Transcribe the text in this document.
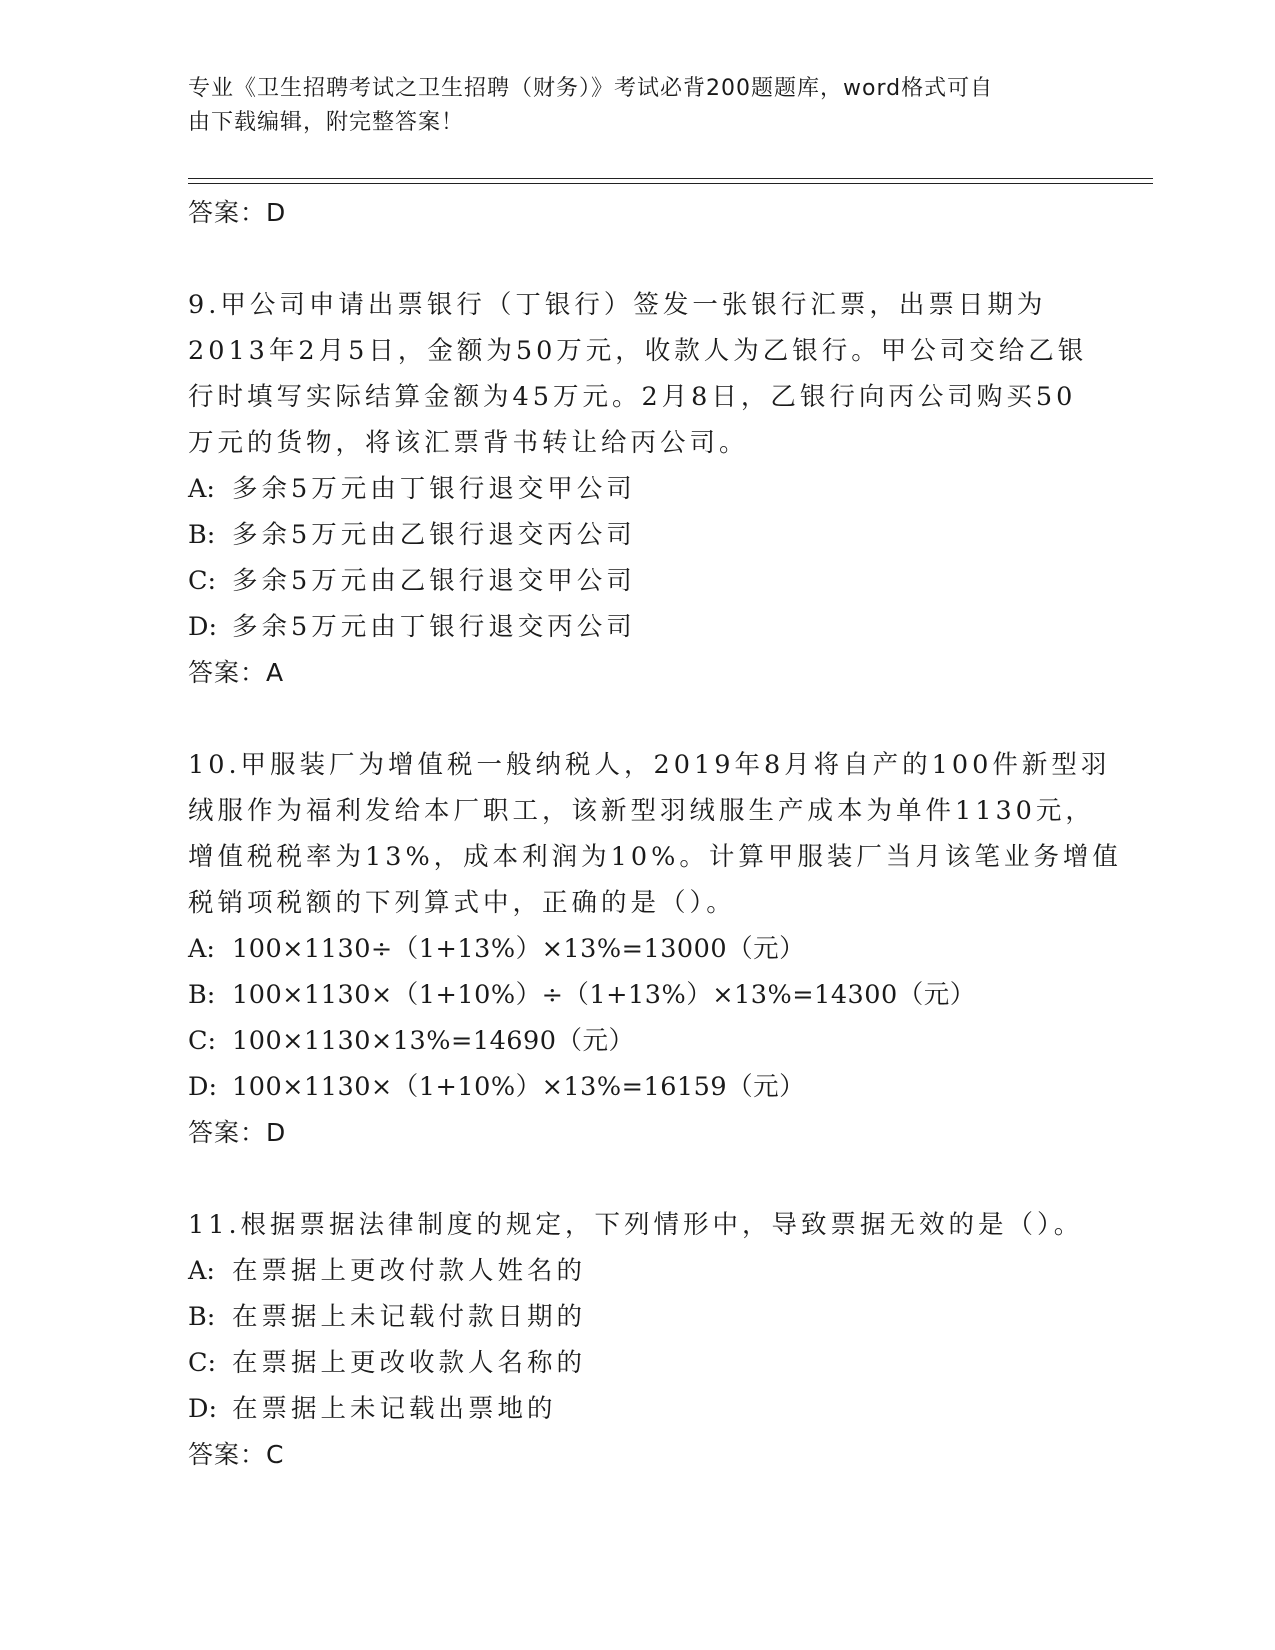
专业《卫生招聘考试之卫生招聘（财务）》考试必背200题题库，word格式可自
由下载编辑，附完整答案！
答案：D
9.甲公司申请出票银行（丁银行）签发一张银行汇票，出票日期为
2013年2月5日，金额为50万元，收款人为乙银行。甲公司交给乙银
行时填写实际结算金额为45万元。2月8日，乙银行向丙公司购买50
万元的货物，将该汇票背书转让给丙公司。
A: 多余5万元由丁银行退交甲公司
B: 多余5万元由乙银行退交丙公司
C: 多余5万元由乙银行退交甲公司
D: 多余5万元由丁银行退交丙公司
答案：A
10.甲服装厂为增值税一般纳税人，2019年8月将自产的100件新型羽
绒服作为福利发给本厂职工，该新型羽绒服生产成本为单件1130元，
增值税税率为13%，成本利润为10%。计算甲服装厂当月该笔业务增值
税销项税额的下列算式中，正确的是（）。
A: 100×1130÷（1+13%）×13%=13000（元）
B: 100×1130×（1+10%）÷（1+13%）×13%=14300（元）
C: 100×1130×13%=14690（元）
D: 100×1130×（1+10%）×13%=16159（元）
答案：D
11.根据票据法律制度的规定，下列情形中，导致票据无效的是（）。
A: 在票据上更改付款人姓名的
B: 在票据上未记载付款日期的
C: 在票据上更改收款人名称的
D: 在票据上未记载出票地的
答案：C
